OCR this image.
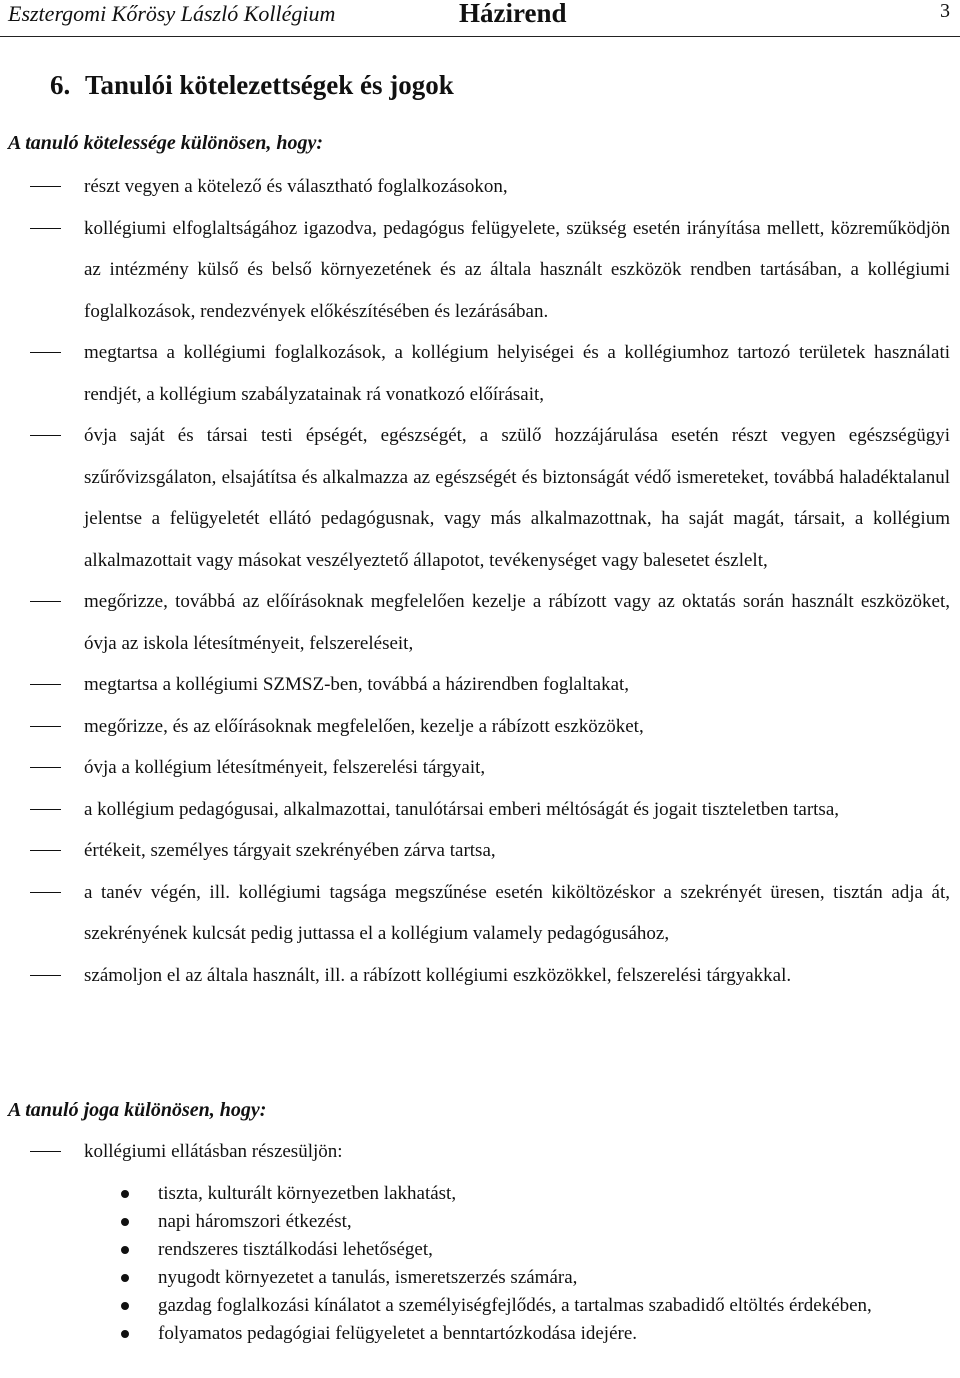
Esztergomi Kőrösy László Kollégium	Házirend	3
6. Tanulói kötelezettségek és jogok
A tanuló kötelessége különösen, hogy:
részt vegyen a kötelező és választható foglalkozásokon,
kollégiumi elfoglaltságához igazodva, pedagógus felügyelete, szükség esetén irányítása mellett, közreműködjön az intézmény külső és belső környezetének és az általa használt eszközök rendben tartásában, a kollégiumi foglalkozások, rendezvények előkészítésében és lezárásában.
megtartsa a kollégiumi foglalkozások, a kollégium helyiségei és a kollégiumhoz tartozó területek használati rendjét, a kollégium szabályzatainak rá vonatkozó előírásait,
óvja saját és társai testi épségét, egészségét, a szülő hozzájárulása esetén részt vegyen egészségügyi szűrővizsgálaton, elsajátítsa és alkalmazza az egészségét és biztonságát védő ismereteket, továbbá haladéktalanul jelentse a felügyeletét ellátó pedagógusnak, vagy más alkalmazottnak, ha saját magát, társait, a kollégium alkalmazottait vagy másokat veszélyeztető állapotot, tevékenységet vagy balesetet észlelt,
megőrizze, továbbá az előírásoknak megfelelően kezelje a rábízott vagy az oktatás során használt eszközöket, óvja az iskola létesítményeit, felszereléseit,
megtartsa a kollégiumi SZMSZ-ben, továbbá a házirendben foglaltakat,
megőrizze, és az előírásoknak megfelelően, kezelje a rábízott eszközöket,
óvja a kollégium létesítményeit, felszerelési tárgyait,
a kollégium pedagógusai, alkalmazottai, tanulótársai emberi méltóságát és jogait tiszteletben tartsa,
értékeit, személyes tárgyait szekrényében zárva tartsa,
a tanév végén, ill. kollégiumi tagsága megszűnése esetén kiköltözéskor a szekrényét üresen, tisztán adja át, szekrényének kulcsát pedig juttassa el a kollégium valamely pedagógusához,
számoljon el az általa használt, ill. a rábízott kollégiumi eszközökkel, felszerelési tárgyakkal.
A tanuló joga különösen, hogy:
kollégiumi ellátásban részesüljön:
tiszta, kulturált környezetben lakhatást,
napi háromszori étkezést,
rendszeres tisztálkodási lehetőséget,
nyugodt környezetet a tanulás, ismeretszerzés számára,
gazdag foglalkozási kínálatot a személyiségfejlődés, a tartalmas szabadidő eltöltés érdekében,
folyamatos pedagógiai felügyeletet a benntartózkodása idejére.
